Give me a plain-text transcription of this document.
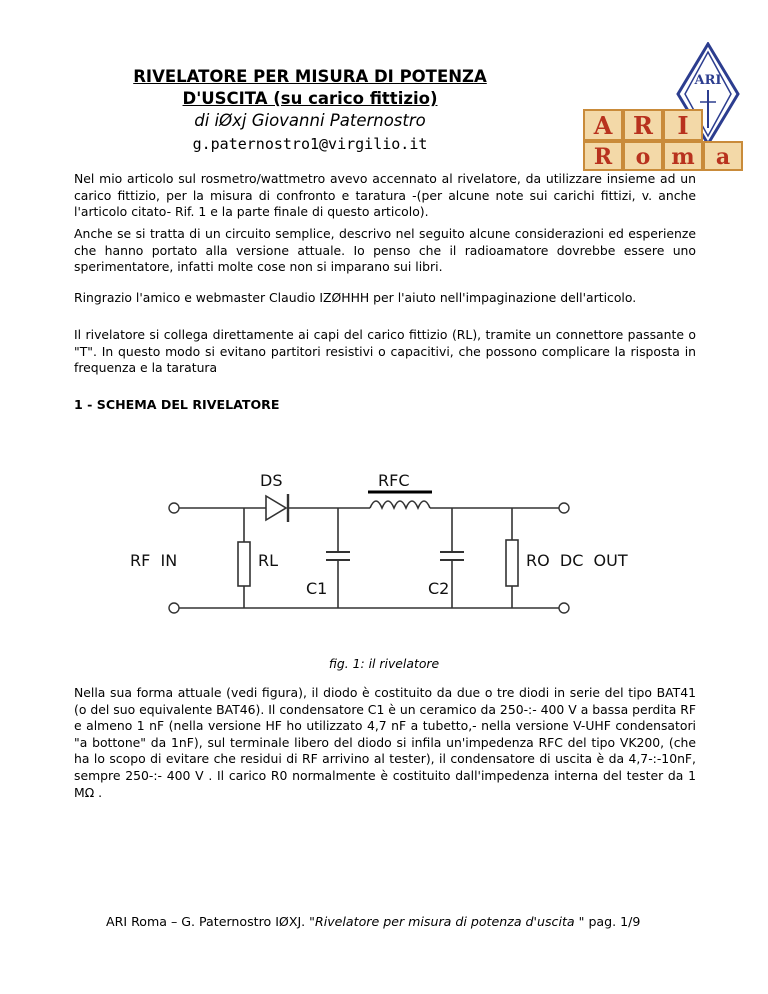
RIVELATORE PER MISURA DI POTENZA
D'USCITA (su carico fittizio)
di iØxj Giovanni Paternostro
g.paternostro1@virgilio.it
ARI
A R I
R o m a

Nel mio articolo sul rosmetro/wattmetro avevo accennato al rivelatore, da utilizzare insieme ad un carico fittizio, per la misura di confronto e taratura -(per alcune note sui carichi fittizi, v. anche l'articolo citato- Rif. 1 e la parte finale di questo articolo).

Anche se si tratta di un circuito semplice, descrivo nel seguito alcune considerazioni ed esperienze che hanno portato alla versione attuale. Io penso che il radioamatore dovrebbe essere uno sperimentatore, infatti molte cose non si imparano sui libri.

Ringrazio l'amico e webmaster Claudio IZØHHH per l'aiuto nell'impaginazione dell'articolo.

Il rivelatore si collega direttamente ai capi del carico fittizio (RL), tramite un connettore passante o "T". In questo modo si evitano partitori resistivi o capacitivi, che possono complicare la risposta in frequenza e la taratura

1 - SCHEMA DEL RIVELATORE
DS	RFC
RF  IN	RL
C1	C2
RO  DC  OUT
fig. 1: il rivelatore

Nella sua forma attuale (vedi figura), il diodo è costituito da due o tre diodi in serie del tipo BAT41 (o del suo equivalente BAT46). Il condensatore C1 è un ceramico da 250-:- 400 V a bassa perdita RF e almeno 1 nF (nella versione HF ho utilizzato 4,7 nF a tubetto,- nella versione V-UHF condensatori "a bottone" da 1nF), sul terminale libero del diodo si infila un'impedenza RFC del tipo VK200, (che ha lo scopo di evitare che residui di RF arrivino al tester), il condensatore di uscita è da 4,7-:-10nF, sempre 250-:- 400 V . Il carico R0 normalmente è costituito dall'impedenza interna del tester da 1 MΩ .

ARI Roma – G. Paternostro IØXJ. "Rivelatore per misura di potenza d'uscita " pag. 1/9
